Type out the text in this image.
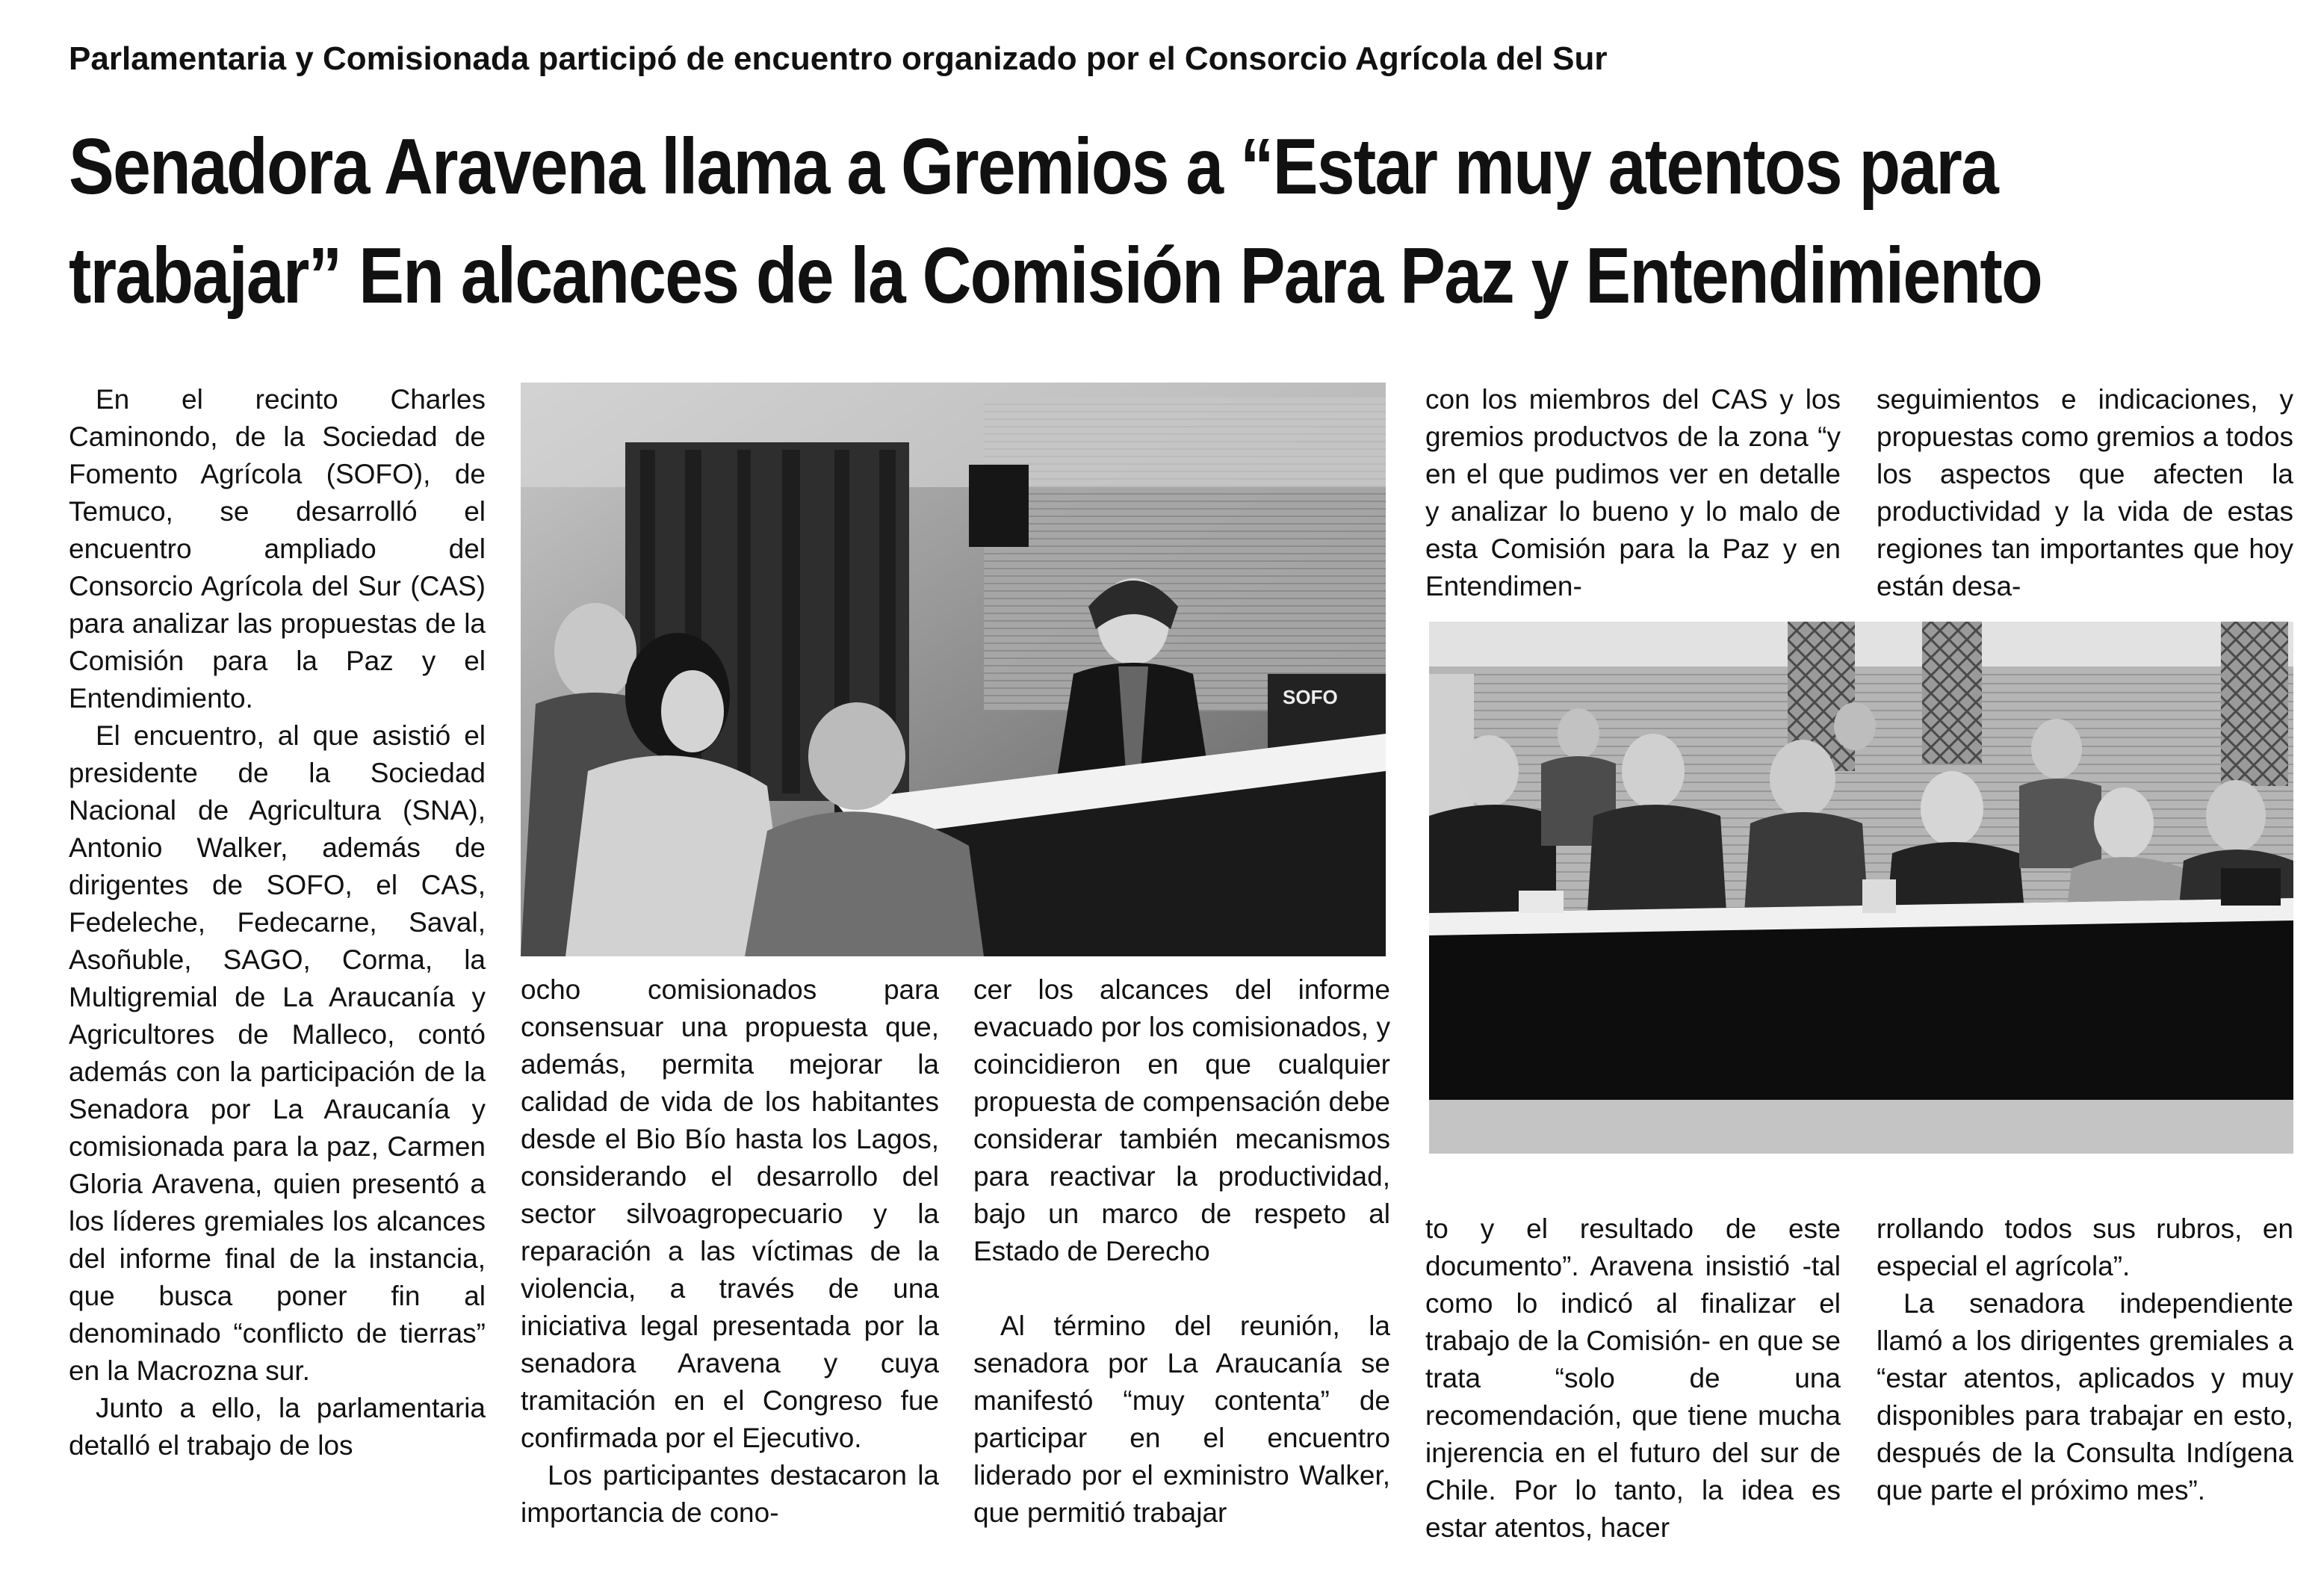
Parlamentaria y Comisionada participó de encuentro organizado por el Consorcio Agrícola del Sur
Senadora Aravena llama a Gremios a “Estar muy atentos para
trabajar” En alcances de la Comisión Para Paz y Entendimiento

En el recinto Charles Caminondo, de la Sociedad de Fomento Agrícola (SOFO), de Temuco, se desarrolló el encuentro ampliado del Consorcio Agrícola del Sur (CAS) para analizar las propuestas de la Comisión para la Paz y el Entendimiento.

El encuentro, al que asistió el presidente de la Sociedad Nacional de Agricultura (SNA), Antonio Walker, además de dirigentes de SOFO, el CAS, Fedeleche, Fedecarne, Saval, Asoñuble, SAGO, Corma, la Multigremial de La Araucanía y Agricultores de Malleco, contó además con la participación de la Senadora por La Araucanía y comisionada para la paz, Carmen Gloria Aravena, quien presentó a los líderes gremiales los alcances del informe final de la instancia, que busca poner fin al denominado “conflicto de tierras” en la Macrozna sur.

Junto a ello, la parlamentaria detalló el trabajo de los

SOFO

ocho comisionados para consensuar una propuesta que, además, permita mejorar la calidad de vida de los habitantes desde el Bio Bío hasta los Lagos, considerando el desarrollo del sector silvoagropecuario y la reparación a las víctimas de la violencia, a través de una iniciativa legal presentada por la senadora Aravena y cuya tramitación en el Congreso fue confirmada por el Ejecutivo.

Los participantes destacaron la importancia de cono-

cer los alcances del informe evacuado por los comisionados, y coincidieron en que cualquier propuesta de compensación debe considerar también mecanismos para reactivar la productividad, bajo un marco de respeto al Estado de Derecho

Al término del reunión, la senadora por La Araucanía se manifestó “muy contenta” de participar en el encuentro liderado por el exministro Walker, que permitió trabajar

con los miembros del CAS y los gremios productvos de la zona “y en el que pudimos ver en detalle y analizar lo bueno y lo malo de esta Comisión para la Paz y en Entendimen-

seguimientos e indicaciones, y propuestas como gremios a todos los aspectos que afecten la productividad y la vida de estas regiones tan importantes que hoy están desa-

to y el resultado de este documento”. Aravena insistió -tal como lo indicó al finalizar el trabajo de la Comisión- en que se trata “solo de una recomendación, que tiene mucha injerencia en el futuro del sur de Chile. Por lo tanto, la idea es estar atentos, hacer

rrollando todos sus rubros, en especial el agrícola”.

La senadora independiente llamó a los dirigentes gremiales a “estar atentos, aplicados y muy disponibles para trabajar en esto, después de la Consulta Indígena que parte el próximo mes”.
